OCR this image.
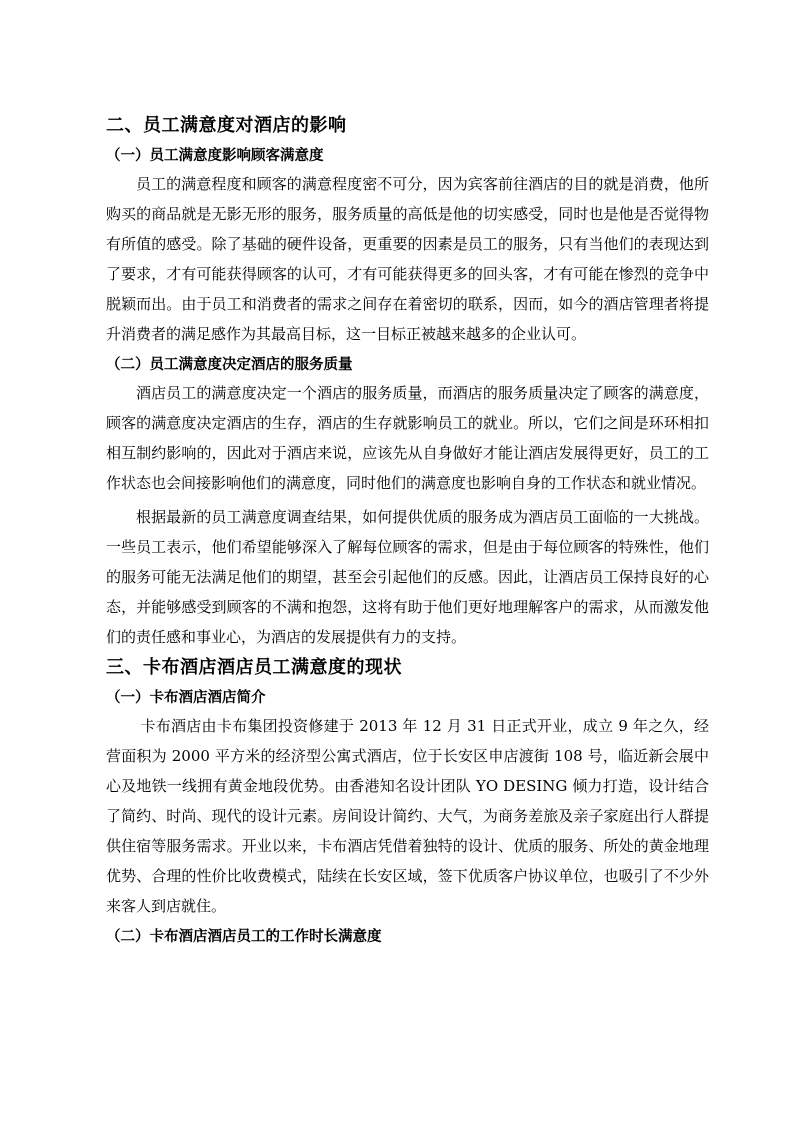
二、员工满意度对酒店的影响
（一）员工满意度影响顾客满意度

员工的满意程度和顾客的满意程度密不可分，因为宾客前往酒店的目的就是消费，他所购买的商品就是无影无形的服务，服务质量的高低是他的切实感受，同时也是他是否觉得物有所值的感受。除了基础的硬件设备，更重要的因素是员工的服务，只有当他们的表现达到了要求，才有可能获得顾客的认可，才有可能获得更多的回头客，才有可能在惨烈的竞争中脱颖而出。由于员工和消费者的需求之间存在着密切的联系，因而，如今的酒店管理者将提升消费者的满足感作为其最高目标，这一目标正被越来越多的企业认可。

（二）员工满意度决定酒店的服务质量

酒店员工的满意度决定一个酒店的服务质量，而酒店的服务质量决定了顾客的满意度，顾客的满意度决定酒店的生存，酒店的生存就影响员工的就业。所以，它们之间是环环相扣相互制约影响的，因此对于酒店来说，应该先从自身做好才能让酒店发展得更好，员工的工作状态也会间接影响他们的满意度，同时他们的满意度也影响自身的工作状态和就业情况。

根据最新的员工满意度调查结果，如何提供优质的服务成为酒店员工面临的一大挑战。一些员工表示，他们希望能够深入了解每位顾客的需求，但是由于每位顾客的特殊性，他们的服务可能无法满足他们的期望，甚至会引起他们的反感。因此，让酒店员工保持良好的心态，并能够感受到顾客的不满和抱怨，这将有助于他们更好地理解客户的需求，从而激发他们的责任感和事业心，为酒店的发展提供有力的支持。

三、卡布酒店酒店员工满意度的现状
（一）卡布酒店酒店简介

卡布酒店由卡布集团投资修建于 2013 年 12 月 31 日正式开业，成立 9 年之久，经营面积为 2000 平方米的经济型公寓式酒店，位于长安区申店渡街 108 号，临近新会展中心及地铁一线拥有黄金地段优势。由香港知名设计团队 YO DESING 倾力打造，设计结合了简约、时尚、现代的设计元素。房间设计简约、大气，为商务差旅及亲子家庭出行人群提供住宿等服务需求。开业以来，卡布酒店凭借着独特的设计、优质的服务、所处的黄金地理优势、合理的性价比收费模式，陆续在长安区域，签下优质客户协议单位，也吸引了不少外来客人到店就住。

（二）卡布酒店酒店员工的工作时长满意度
